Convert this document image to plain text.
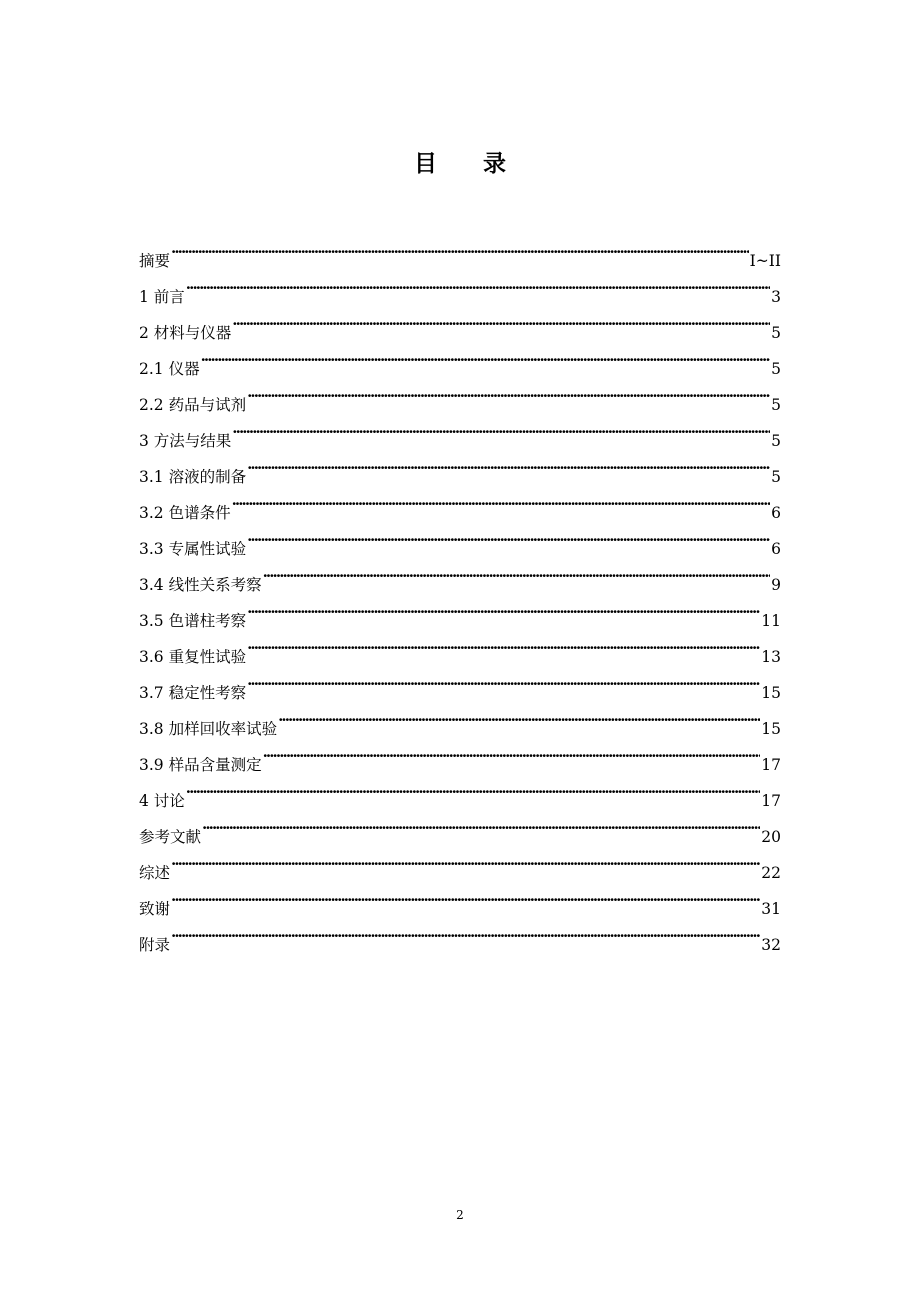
目 录
摘要 ·····	I~II
1 前言 ·····	3
2 材料与仪器 ·····	5
2.1 仪器 ·····	5
2.2 药品与试剂 ·····	5
3 方法与结果 ·····	5
3.1 溶液的制备 ·····	5
3.2 色谱条件 ·····	6
3.3 专属性试验 ·····	6
3.4 线性关系考察 ·····	9
3.5 色谱柱考察 ·····	11
3.6 重复性试验 ·····	13
3.7 稳定性考察 ·····	15
3.8 加样回收率试验 ·····	15
3.9 样品含量测定 ·····	17
4 讨论 ·····	17
参考文献 ·····	20
综述 ·····	22
致谢 ·····	31
附录 ·····	32
2
